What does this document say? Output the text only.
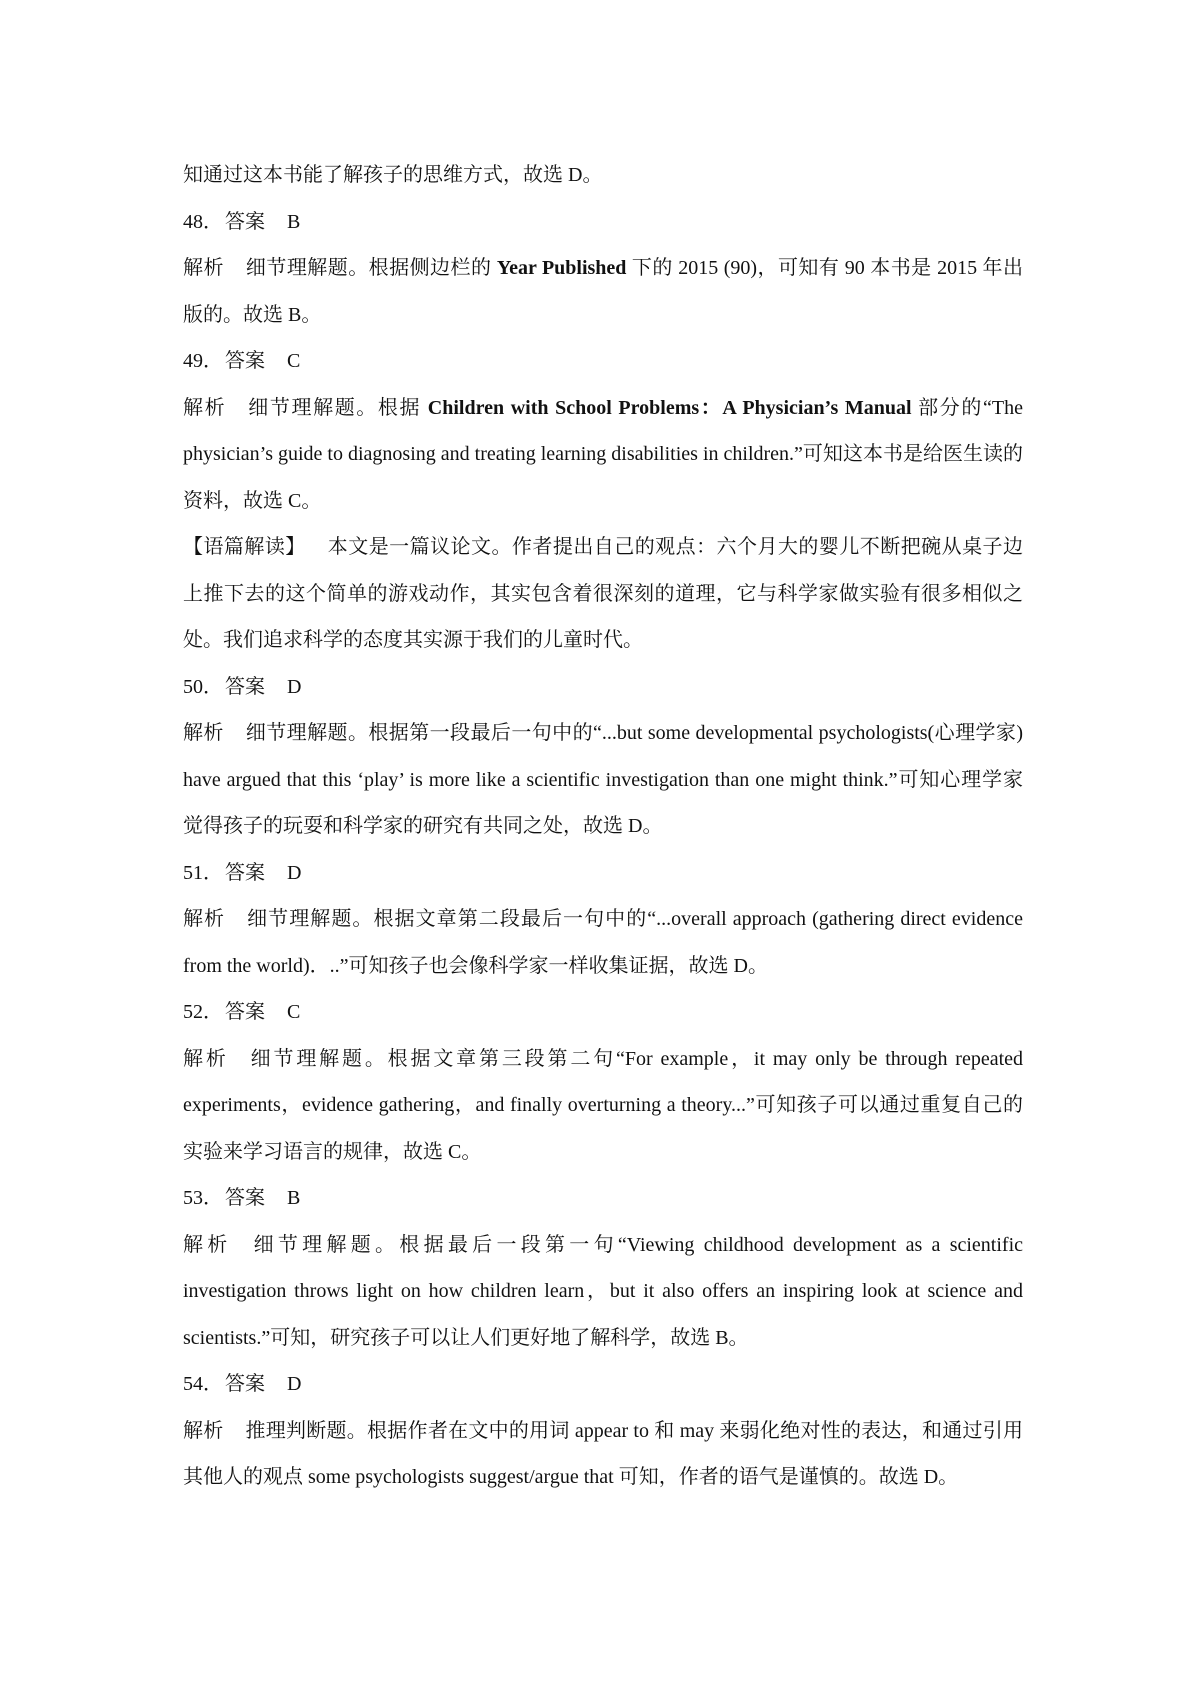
知通过这本书能了解孩子的思维方式，故选 D。

48． 答案 B

解析 细节理解题。根据侧边栏的 Year Published 下的 2015 (90)，可知有 90 本书是 2015 年出版的。故选 B。

49． 答案 C

解析 细节理解题。根据 Children with School Problems：A Physician’s Manual 部分的“The physician’s guide to diagnosing and treating learning disabilities in children.”可知这本书是给医生读的资料，故选 C。

【语篇解读】 本文是一篇议论文。作者提出自己的观点：六个月大的婴儿不断把碗从桌子边上推下去的这个简单的游戏动作，其实包含着很深刻的道理，它与科学家做实验有很多相似之处。我们追求科学的态度其实源于我们的儿童时代。

50． 答案 D

解析 细节理解题。根据第一段最后一句中的“...but some developmental psychologists(心理学家) have argued that this ‘play’ is more like a scientific investigation than one might think.”可知心理学家觉得孩子的玩耍和科学家的研究有共同之处，故选 D。

51． 答案 D

解析 细节理解题。根据文章第二段最后一句中的“...overall approach (gathering direct evidence from the world)．..”可知孩子也会像科学家一样收集证据，故选 D。

52． 答案 C

解析 细节理解题。根据文章第三段第二句“For example，it may only be through repeated experiments，evidence gathering，and finally overturning a theory...”可知孩子可以通过重复自己的实验来学习语言的规律，故选 C。

53． 答案 B

解析 细节理解题。根据最后一段第一句“Viewing childhood development as a scientific investigation throws light on how children learn，but it also offers an inspiring look at science and scientists.”可知，研究孩子可以让人们更好地了解科学，故选 B。

54． 答案 D

解析 推理判断题。根据作者在文中的用词 appear to 和 may 来弱化绝对性的表达，和通过引用其他人的观点 some psychologists suggest/argue that 可知，作者的语气是谨慎的。故选 D。
